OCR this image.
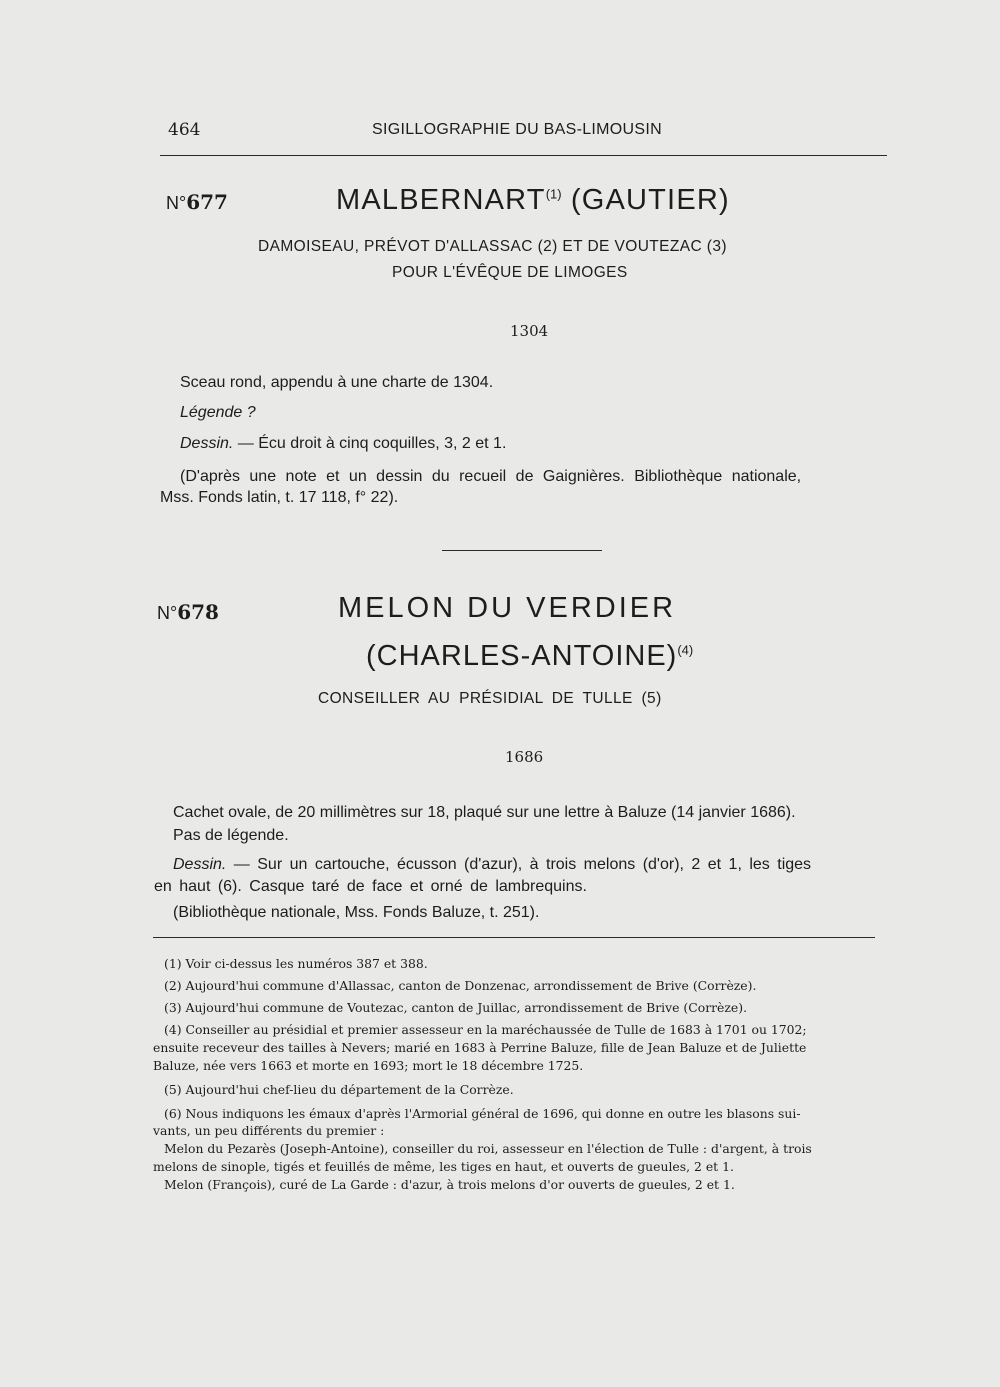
464	SIGILLOGRAPHIE DU BAS-LIMOUSIN
N°677	MALBERNART$^{(1)}$ (GAUTIER)
DAMOISEAU, PRÉVOT D'ALLASSAC (2) ET DE VOUTEZAC (3)
POUR L'ÉVÊQUE DE LIMOGES
1304
Sceau rond, appendu à une charte de 1304.
Légende ?
Dessin. — Écu droit à cinq coquilles, 3, 2 et 1.
(D'après une note et un dessin du recueil de Gaignières. Bibliothèque nationale,
Mss. Fonds latin, t. 17 118, f° 22).
N°678	MELON DU VERDIER
(CHARLES-ANTOINE)$^{(4)}$
CONSEILLER AU PRÉSIDIAL DE TULLE (5)
1686
Cachet ovale, de 20 millimètres sur 18, plaqué sur une lettre à Baluze (14 janvier 1686).
Pas de légende.
Dessin. — Sur un cartouche, écusson (d'azur), à trois melons (d'or), 2 et 1, les tiges
en haut (6). Casque taré de face et orné de lambrequins.
(Bibliothèque nationale, Mss. Fonds Baluze, t. 251).
(1) Voir ci-dessus les numéros 387 et 388.
(2) Aujourd'hui commune d'Allassac, canton de Donzenac, arrondissement de Brive (Corrèze).
(3) Aujourd'hui commune de Voutezac, canton de Juillac, arrondissement de Brive (Corrèze).
(4) Conseiller au présidial et premier assesseur en la maréchaussée de Tulle de 1683 à 1701 ou 1702;
ensuite receveur des tailles à Nevers; marié en 1683 à Perrine Baluze, fille de Jean Baluze et de Juliette
Baluze, née vers 1663 et morte en 1693; mort le 18 décembre 1725.
(5) Aujourd'hui chef-lieu du département de la Corrèze.
(6) Nous indiquons les émaux d'après l'Armorial général de 1696, qui donne en outre les blasons sui-
vants, un peu différents du premier :
Melon du Pezarès (Joseph-Antoine), conseiller du roi, assesseur en l'élection de Tulle : d'argent, à trois
melons de sinople, tigés et feuillés de même, les tiges en haut, et ouverts de gueules, 2 et 1.
Melon (François), curé de La Garde : d'azur, à trois melons d'or ouverts de gueules, 2 et 1.
